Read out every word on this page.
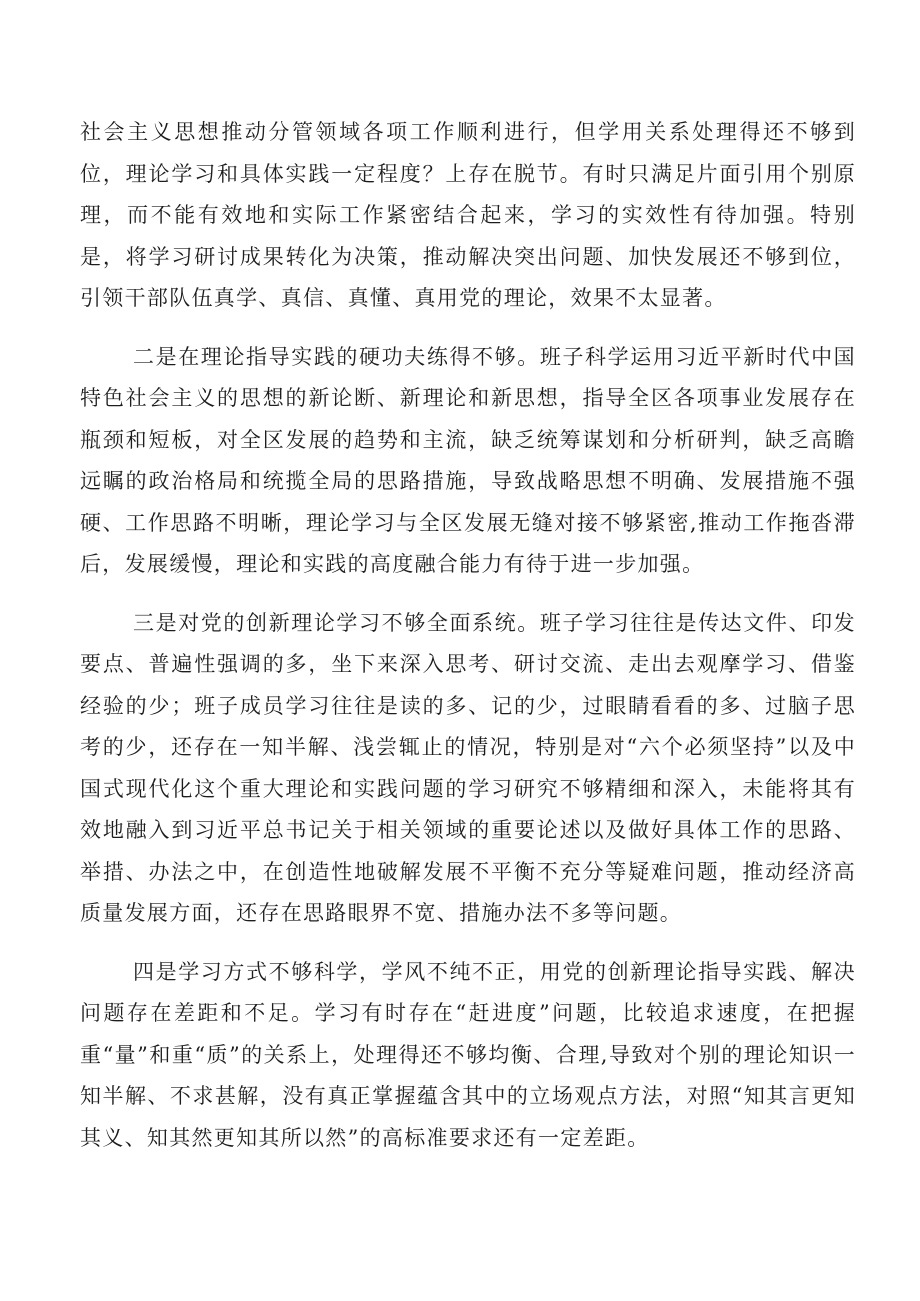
社会主义思想推动分管领域各项工作顺利进行，但学用关系处理得还不够到位，理论学习和具体实践一定程度？上存在脱节。有时只满足片面引用个别原理，而不能有效地和实际工作紧密结合起来，学习的实效性有待加强。特别是，将学习研讨成果转化为决策，推动解决突出问题、加快发展还不够到位，引领干部队伍真学、真信、真懂、真用党的理论，效果不太显著。

二是在理论指导实践的硬功夫练得不够。班子科学运用习近平新时代中国特色社会主义的思想的新论断、新理论和新思想，指导全区各项事业发展存在瓶颈和短板，对全区发展的趋势和主流，缺乏统筹谋划和分析研判，缺乏高瞻远瞩的政治格局和统揽全局的思路措施，导致战略思想不明确、发展措施不强硬、工作思路不明晰，理论学习与全区发展无缝对接不够紧密,推动工作拖沓滞后，发展缓慢，理论和实践的高度融合能力有待于进一步加强。

三是对党的创新理论学习不够全面系统。班子学习往往是传达文件、印发要点、普遍性强调的多，坐下来深入思考、研讨交流、走出去观摩学习、借鉴经验的少；班子成员学习往往是读的多、记的少，过眼睛看看的多、过脑子思考的少，还存在一知半解、浅尝辄止的情况，特别是对“六个必须坚持”以及中国式现代化这个重大理论和实践问题的学习研究不够精细和深入，未能将其有效地融入到习近平总书记关于相关领域的重要论述以及做好具体工作的思路、举措、办法之中，在创造性地破解发展不平衡不充分等疑难问题，推动经济高质量发展方面，还存在思路眼界不宽、措施办法不多等问题。

四是学习方式不够科学，学风不纯不正，用党的创新理论指导实践、解决问题存在差距和不足。学习有时存在“赶进度”问题，比较追求速度，在把握重“量”和重“质”的关系上，处理得还不够均衡、合理,导致对个别的理论知识一知半解、不求甚解，没有真正掌握蕴含其中的立场观点方法，对照“知其言更知其义、知其然更知其所以然”的高标准要求还有一定差距。
